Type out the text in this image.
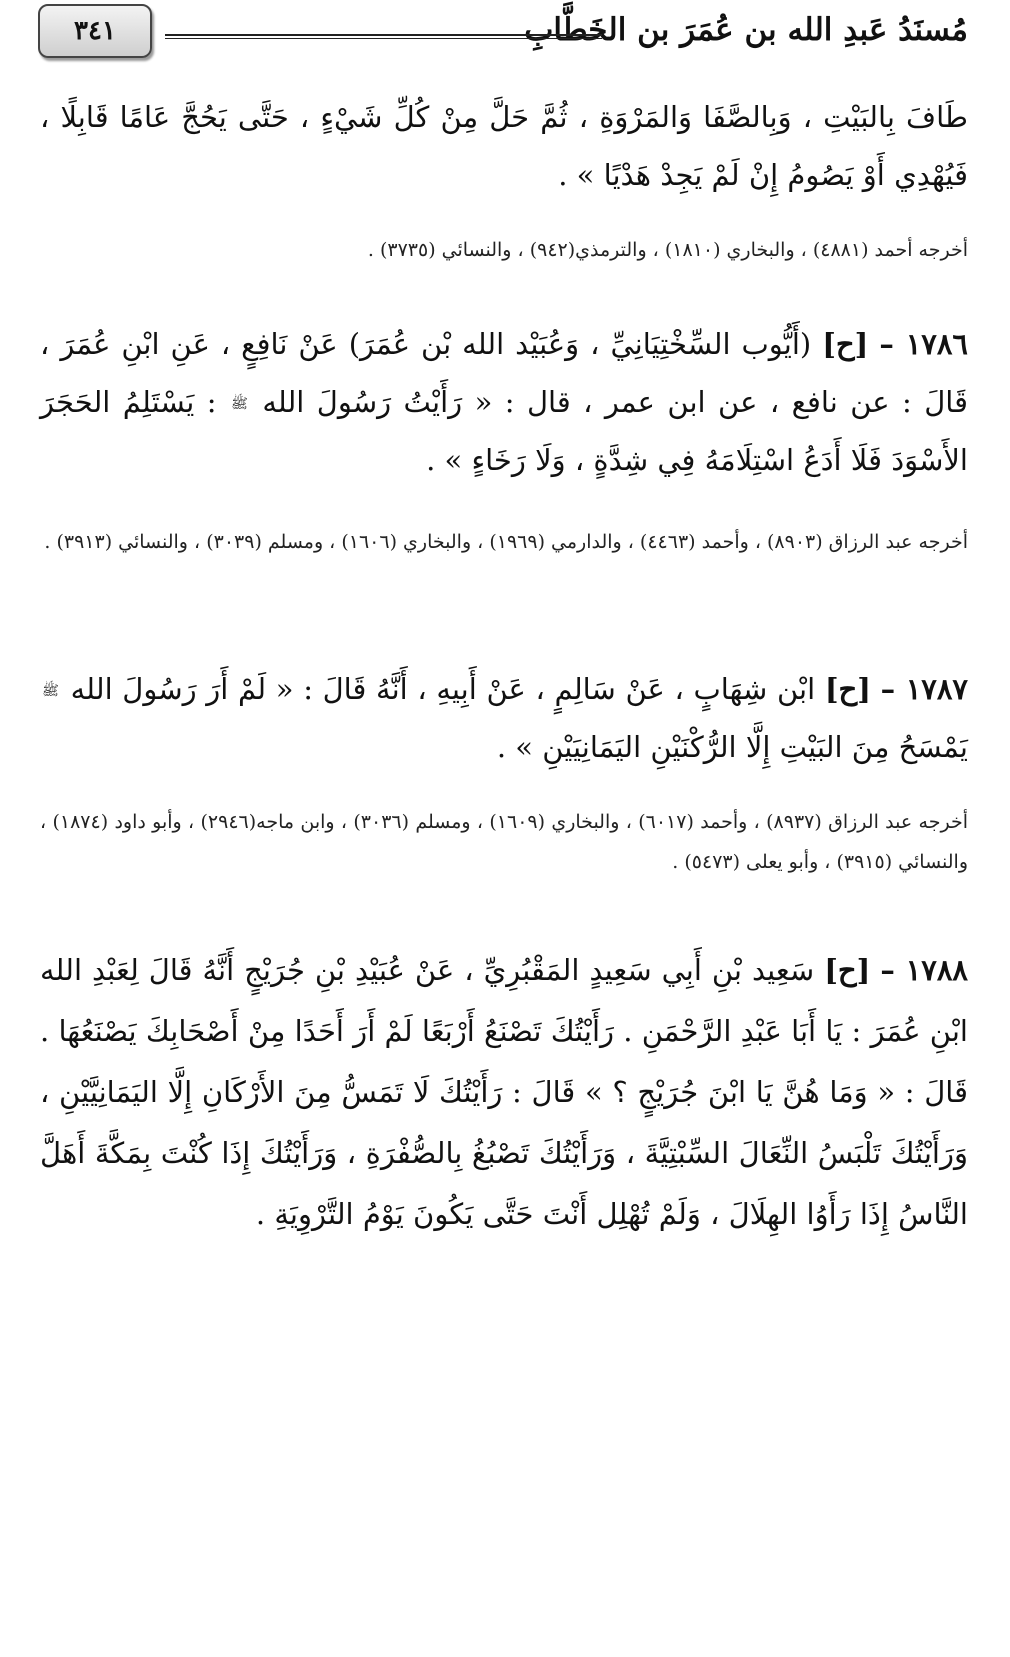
مُسنَدُ عَبدِ الله بن عُمَرَ بن الخَطَّابِ
٣٤١

طَافَ بِالبَيْتِ ، وَبِالصَّفَا وَالمَرْوَةِ ، ثُمَّ حَلَّ مِنْ كُلِّ شَيْءٍ ، حَتَّى يَحُجَّ عَامًا قَابِلًا ، فَيُهْدِي أَوْ يَصُومُ إِنْ لَمْ يَجِدْ هَدْيًا » .

أخرجه أحمد (٤٨٨١) ، والبخاري (١٨١٠) ، والترمذي(٩٤٢) ، والنسائي (٣٧٣٥) .

١٧٨٦ – [ح] (أَيُّوب السِّخْتِيَانِيِّ ، وَعُبَيْد الله بْن عُمَرَ) عَنْ نَافِعٍ ، عَنِ ابْنِ عُمَرَ ، قَالَ : عن نافع ، عن ابن عمر ، قال : « رَأَيْتُ رَسُولَ الله ﷺ : يَسْتَلِمُ الحَجَرَ الأَسْوَدَ فَلَا أَدَعُ اسْتِلَامَهُ فِي شِدَّةٍ ، وَلَا رَخَاءٍ » .

أخرجه عبد الرزاق (٨٩٠٣) ، وأحمد (٤٤٦٣) ، والدارمي (١٩٦٩) ، والبخاري (١٦٠٦) ، ومسلم (٣٠٣٩) ، والنسائي (٣٩١٣) .

١٧٨٧ – [ح] ابْن شِهَابٍ ، عَنْ سَالِمٍ ، عَنْ أَبِيهِ ، أَنَّهُ قَالَ : « لَمْ أَرَ رَسُولَ الله ﷺ يَمْسَحُ مِنَ البَيْتِ إِلَّا الرُّكْنَيْنِ اليَمَانِيَيْنِ » .

أخرجه عبد الرزاق (٨٩٣٧) ، وأحمد (٦٠١٧) ، والبخاري (١٦٠٩) ، ومسلم (٣٠٣٦) ، وابن ماجه(٢٩٤٦) ، وأبو داود (١٨٧٤) ، والنسائي (٣٩١٥) ، وأبو يعلى (٥٤٧٣) .

١٧٨٨ – [ح] سَعِيد بْنِ أَبِي سَعِيدٍ المَقْبُرِيِّ ، عَنْ عُبَيْدِ بْنِ جُرَيْجٍ أَنَّهُ قَالَ لِعَبْدِ الله ابْنِ عُمَرَ : يَا أَبَا عَبْدِ الرَّحْمَنِ . رَأَيْتُكَ تَصْنَعُ أَرْبَعًا لَمْ أَرَ أَحَدًا مِنْ أَصْحَابِكَ يَصْنَعُهَا . قَالَ : « وَمَا هُنَّ يَا ابْنَ جُرَيْجٍ ؟ » قَالَ : رَأَيْتُكَ لَا تَمَسُّ مِنَ الأَرْكَانِ إِلَّا اليَمَانِيَّيْنِ ، وَرَأَيْتُكَ تَلْبَسُ النِّعَالَ السِّبْتِيَّةَ ، وَرَأَيْتُكَ تَصْبُغُ بِالصُّفْرَةِ ، وَرَأَيْتُكَ إِذَا كُنْتَ بِمَكَّةَ أَهَلَّ النَّاسُ إِذَا رَأَوُا الهِلَالَ ، وَلَمْ تُهْلِل أَنْتَ حَتَّى يَكُونَ يَوْمُ التَّرْوِيَةِ .
